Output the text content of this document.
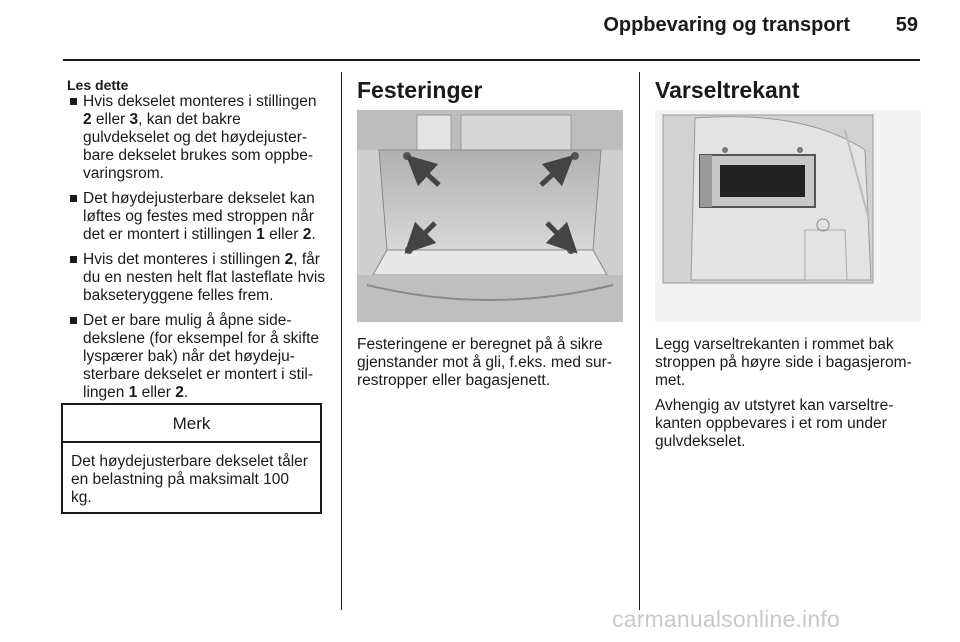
Oppbevaring og transport	59
Les dette
Hvis dekselet monteres i stillingen 2 eller 3, kan det bakre gulvdekselet og det høydejusterbare dekselet brukes som oppbevaringsrom.
Det høydejusterbare dekselet kan løftes og festes med stroppen når det er montert i stillingen 1 eller 2.
Hvis det monteres i stillingen 2, får du en nesten helt flat lasteflate hvis bakseteryggene felles frem.
Det er bare mulig å åpne sidedekslene (for eksempel for å skifte lyspærer bak) når det høydejusterbare dekselet er montert i stillingen 1 eller 2.
Merk
Det høydejusterbare dekselet tåler en belastning på maksimalt 100 kg.
Festeringer
Festeringene er beregnet på å sikre gjenstander mot å gli, f.eks. med surrestropper eller bagasjenett.
Varseltrekant
Legg varseltrekanten i rommet bak stroppen på høyre side i bagasjerommet.
Avhengig av utstyret kan varseltrekanten oppbevares i et rom under gulvdekselet.
carmanualsonline.info
